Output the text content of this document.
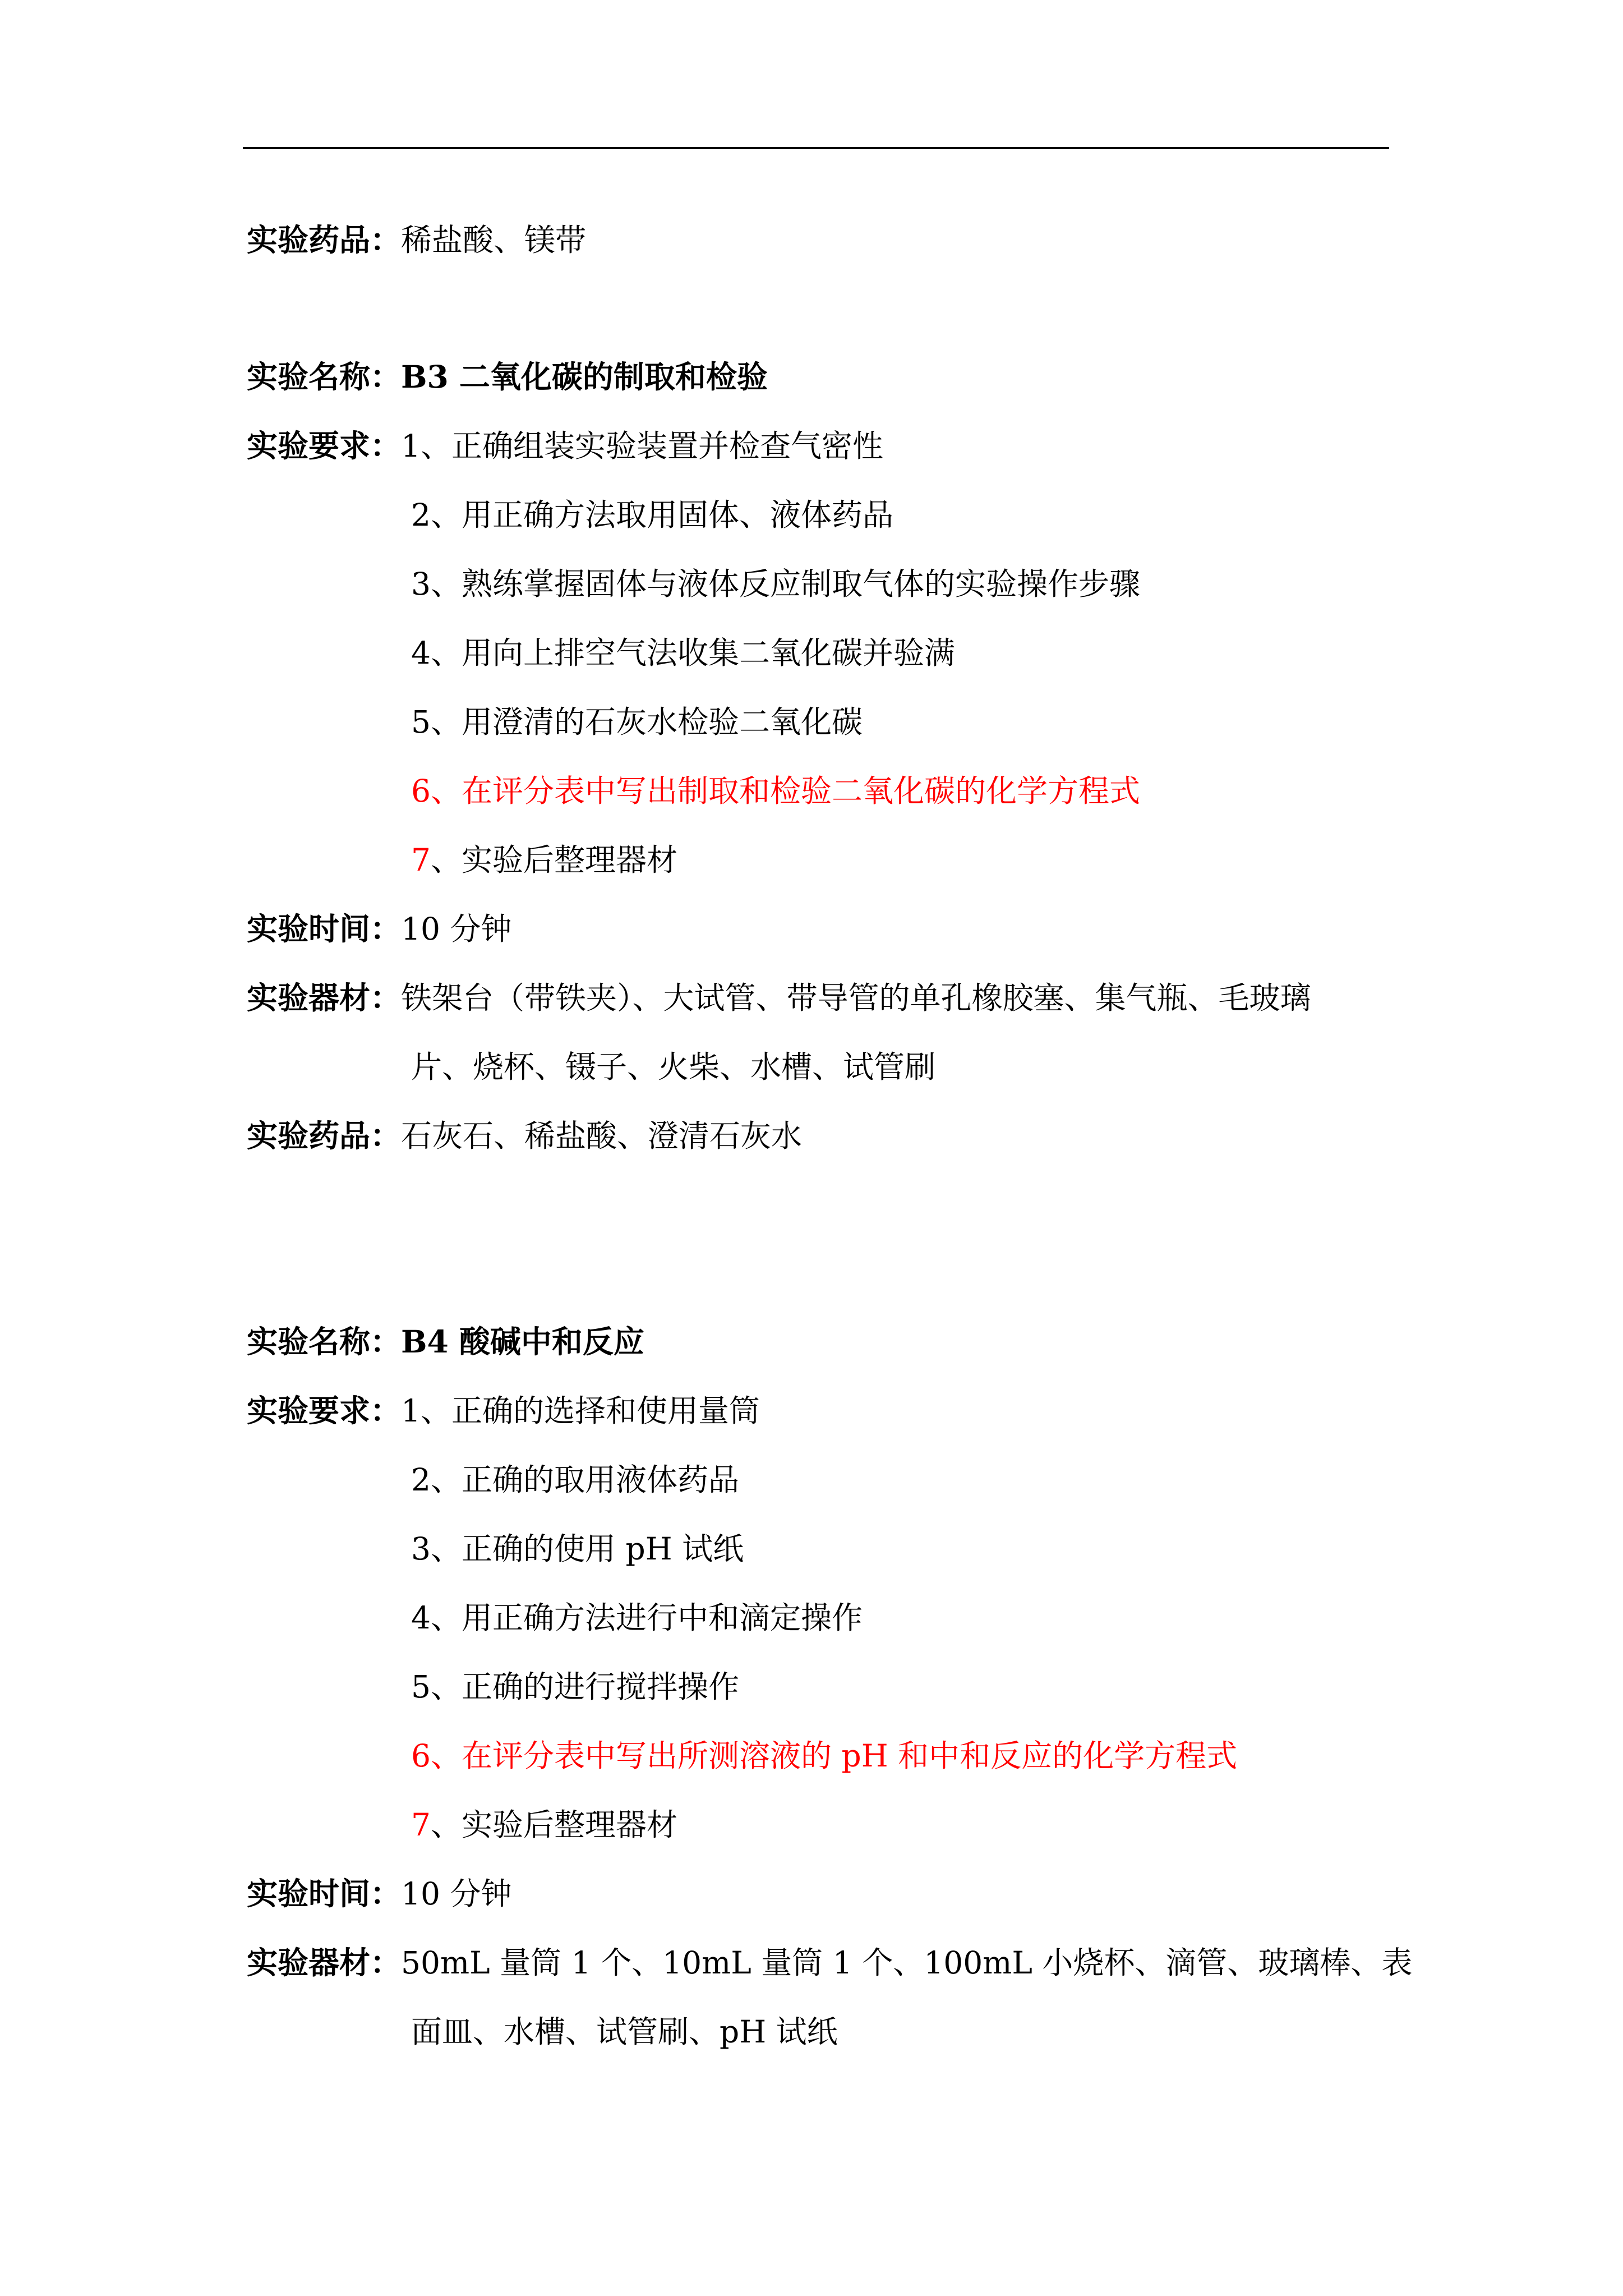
实验药品：稀盐酸、镁带
实验名称：B3 二氧化碳的制取和检验
实验要求：1、正确组装实验装置并检查气密性
2、用正确方法取用固体、液体药品
3、熟练掌握固体与液体反应制取气体的实验操作步骤
4、用向上排空气法收集二氧化碳并验满
5、用澄清的石灰水检验二氧化碳
6、在评分表中写出制取和检验二氧化碳的化学方程式
7、实验后整理器材
实验时间：10 分钟
实验器材：铁架台（带铁夹）、大试管、带导管的单孔橡胶塞、集气瓶、毛玻璃
片、烧杯、镊子、火柴、水槽、试管刷
实验药品：石灰石、稀盐酸、澄清石灰水
实验名称：B4 酸碱中和反应
实验要求：1、正确的选择和使用量筒
2、正确的取用液体药品
3、正确的使用 pH 试纸
4、用正确方法进行中和滴定操作
5、正确的进行搅拌操作
6、在评分表中写出所测溶液的 pH 和中和反应的化学方程式
7、实验后整理器材
实验时间：10 分钟
实验器材：50mL 量筒 1 个、10mL 量筒 1 个、100mL 小烧杯、滴管、玻璃棒、表
面皿、水槽、试管刷、pH 试纸
